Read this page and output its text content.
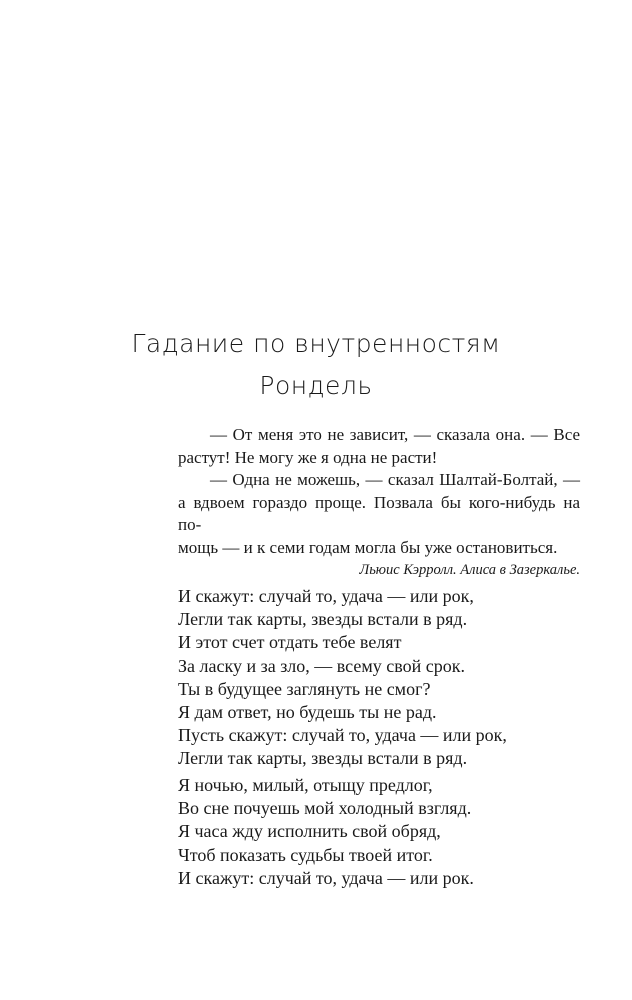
Гадание по внутренностям
Рондель

— От меня это не зависит, — сказала она. — Все растут! Не могу же я одна не расти!

— Одна не можешь, — сказал Шалтай-Болтай, — а вдвоем гораздо проще. Позвала бы кого-нибудь на по-

мощь — и к семи годам могла бы уже остановиться.

Льюис Кэрролл. Алиса в Зазеркалье.

И скажут: случай то, удача — или рок,
Легли так карты, звезды встали в ряд.
И этот счет отдать тебе велят
За ласку и за зло, — всему свой срок.
Ты в будущее заглянуть не смог?
Я дам ответ, но будешь ты не рад.
Пусть скажут: случай то, удача — или рок,
Легли так карты, звезды встали в ряд.
Я ночью, милый, отыщу предлог,
Во сне почуешь мой холодный взгляд.
Я часа жду исполнить свой обряд,
Чтоб показать судьбы твоей итог.
И скажут: случай то, удача — или рок.
